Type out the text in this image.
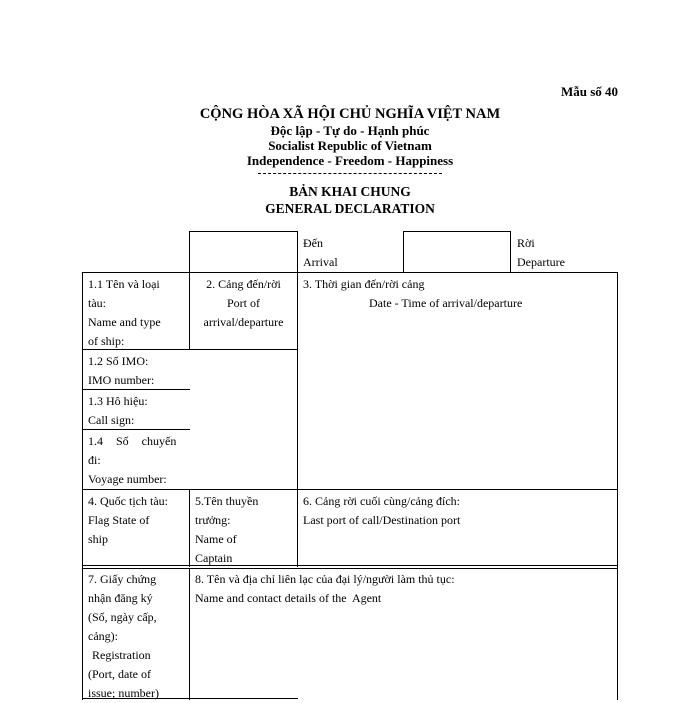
Mẫu số 40
CỘNG HÒA XÃ HỘI CHỦ NGHĨA VIỆT NAM
Độc lập - Tự do - Hạnh phúc
Socialist Republic of Vietnam
Independence - Freedom - Happiness
BẢN KHAI CHUNG
GENERAL DECLARATION
Đến
Arrival
Rời
Departure
1.1 Tên và loại
tàu:
Name and type
of ship:
2. Cảng đến/rời
Port of
arrival/departure
3. Thời gian đến/rời cảng
Date - Time of arrival/departure
1.2 Số IMO:
IMO number:
1.3 Hô hiệu:
Call sign:
1.4 Số chuyến
đi:
Voyage number:
4. Quốc tịch tàu:
Flag State of
ship
5.Tên thuyền
trưởng:
Name of
Captain
6. Cảng rời cuối cùng/cảng đích:
Last port of call/Destination port
7. Giấy chứng
nhận đăng ký
(Số, ngày cấp,
cảng):
Registration
(Port, date of
issue; number)
8. Tên và địa chỉ liên lạc của đại lý/người làm thủ tục:
Name and contact details of the  Agent
